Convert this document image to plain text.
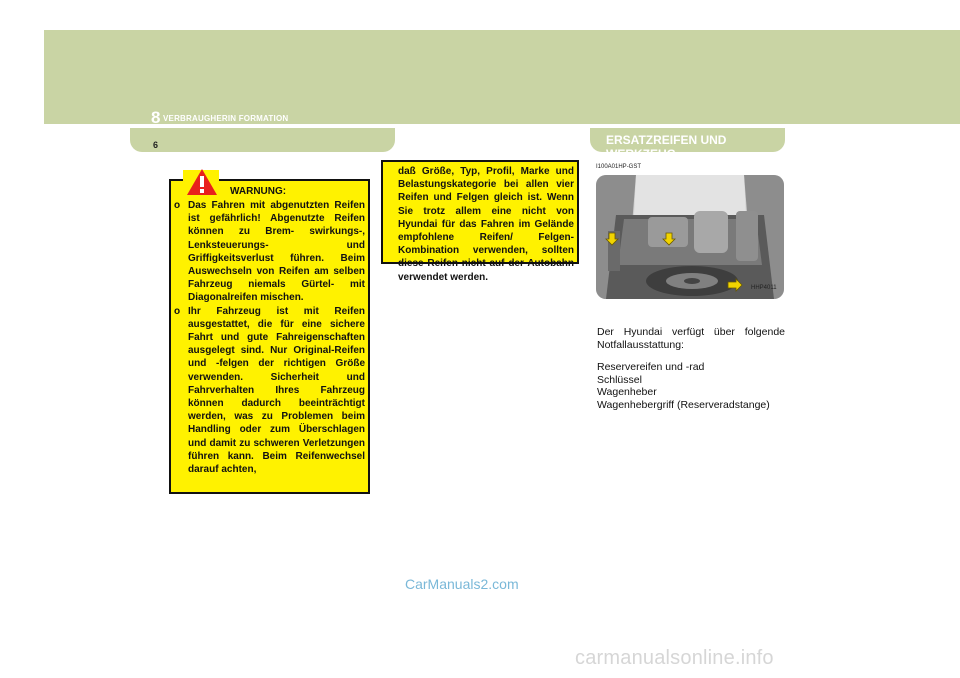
8 VERBRAUGHERIN FORMATION
6
WARNUNG:
o Das Fahren mit abgenutzten Reifen ist gefährlich! Abgenutzte Reifen können zu Brem- swirkungs-, Lenksteuerungs- und Griffigkeitsverlust führen. Beim Auswechseln von Reifen am selben Fahrzeug niemals Gürtel- mit Diagonalreifen mischen.
o Ihr Fahrzeug ist mit Reifen ausgestattet, die für eine sichere Fahrt und gute Fahreigenschaften ausgelegt sind. Nur Original-Reifen und -felgen der richtigen Größe verwenden. Sicherheit und Fahrverhalten Ihres Fahrzeug können dadurch beeinträchtigt werden, was zu Problemen beim Handling oder zum Überschlagen und damit zu schweren Verletzungen führen kann. Beim Reifenwechsel darauf achten,
daß Größe, Typ, Profil, Marke und Belastungskategorie bei allen vier Reifen und Felgen gleich ist. Wenn Sie trotz allem eine nicht von Hyundai für das Fahren im Gelände empfohlene Reifen/ Felgen-Kombination verwenden, sollten diese Reifen nicht auf der Autobahn verwendet werden.
ERSATZREIFEN UND WERKZEUG
I100A01HP-GST
HHP4011
Der Hyundai verfügt über folgende Notfallausstattung:
Reservereifen und -rad
Schlüssel
Wagenheber
Wagenhebergriff (Reserveradstange)
CarManuals2.com
carmanualsonline.info
